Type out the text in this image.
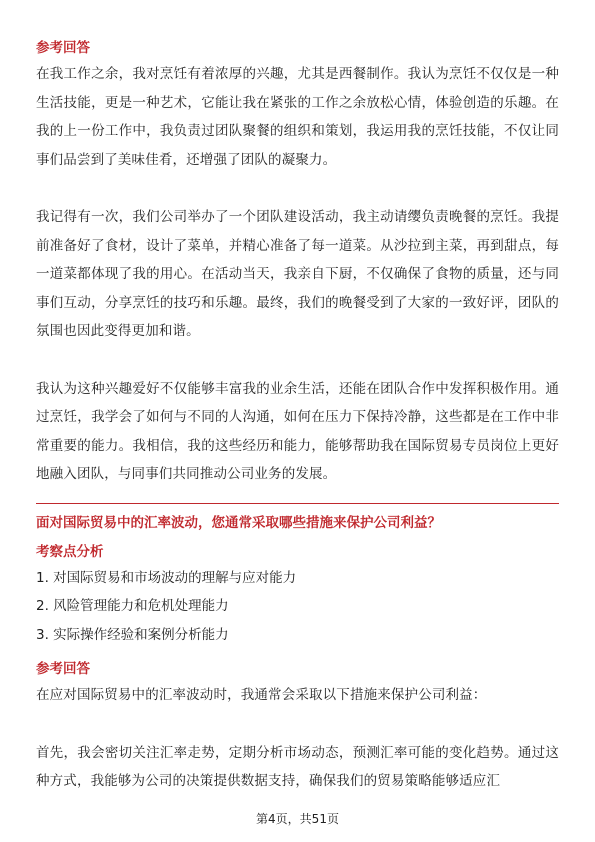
参考回答

在我工作之余，我对烹饪有着浓厚的兴趣，尤其是西餐制作。我认为烹饪不仅仅是一种生活技能，更是一种艺术，它能让我在紧张的工作之余放松心情，体验创造的乐趣。在我的上一份工作中，我负责过团队聚餐的组织和策划，我运用我的烹饪技能，不仅让同事们品尝到了美味佳肴，还增强了团队的凝聚力。

我记得有一次，我们公司举办了一个团队建设活动，我主动请缨负责晚餐的烹饪。我提前准备好了食材，设计了菜单，并精心准备了每一道菜。从沙拉到主菜，再到甜点，每一道菜都体现了我的用心。在活动当天，我亲自下厨，不仅确保了食物的质量，还与同事们互动，分享烹饪的技巧和乐趣。最终，我们的晚餐受到了大家的一致好评，团队的氛围也因此变得更加和谐。

我认为这种兴趣爱好不仅能够丰富我的业余生活，还能在团队合作中发挥积极作用。通过烹饪，我学会了如何与不同的人沟通，如何在压力下保持冷静，这些都是在工作中非常重要的能力。我相信，我的这些经历和能力，能够帮助我在国际贸易专员岗位上更好地融入团队，与同事们共同推动公司业务的发展。

面对国际贸易中的汇率波动，您通常采取哪些措施来保护公司利益？
考察点分析
1. 对国际贸易和市场波动的理解与应对能力
2. 风险管理能力和危机处理能力
3. 实际操作经验和案例分析能力
参考回答

在应对国际贸易中的汇率波动时，我通常会采取以下措施来保护公司利益：

首先，我会密切关注汇率走势，定期分析市场动态，预测汇率可能的变化趋势。通过这种方式，我能够为公司的决策提供数据支持，确保我们的贸易策略能够适应汇

第4页，共51页
